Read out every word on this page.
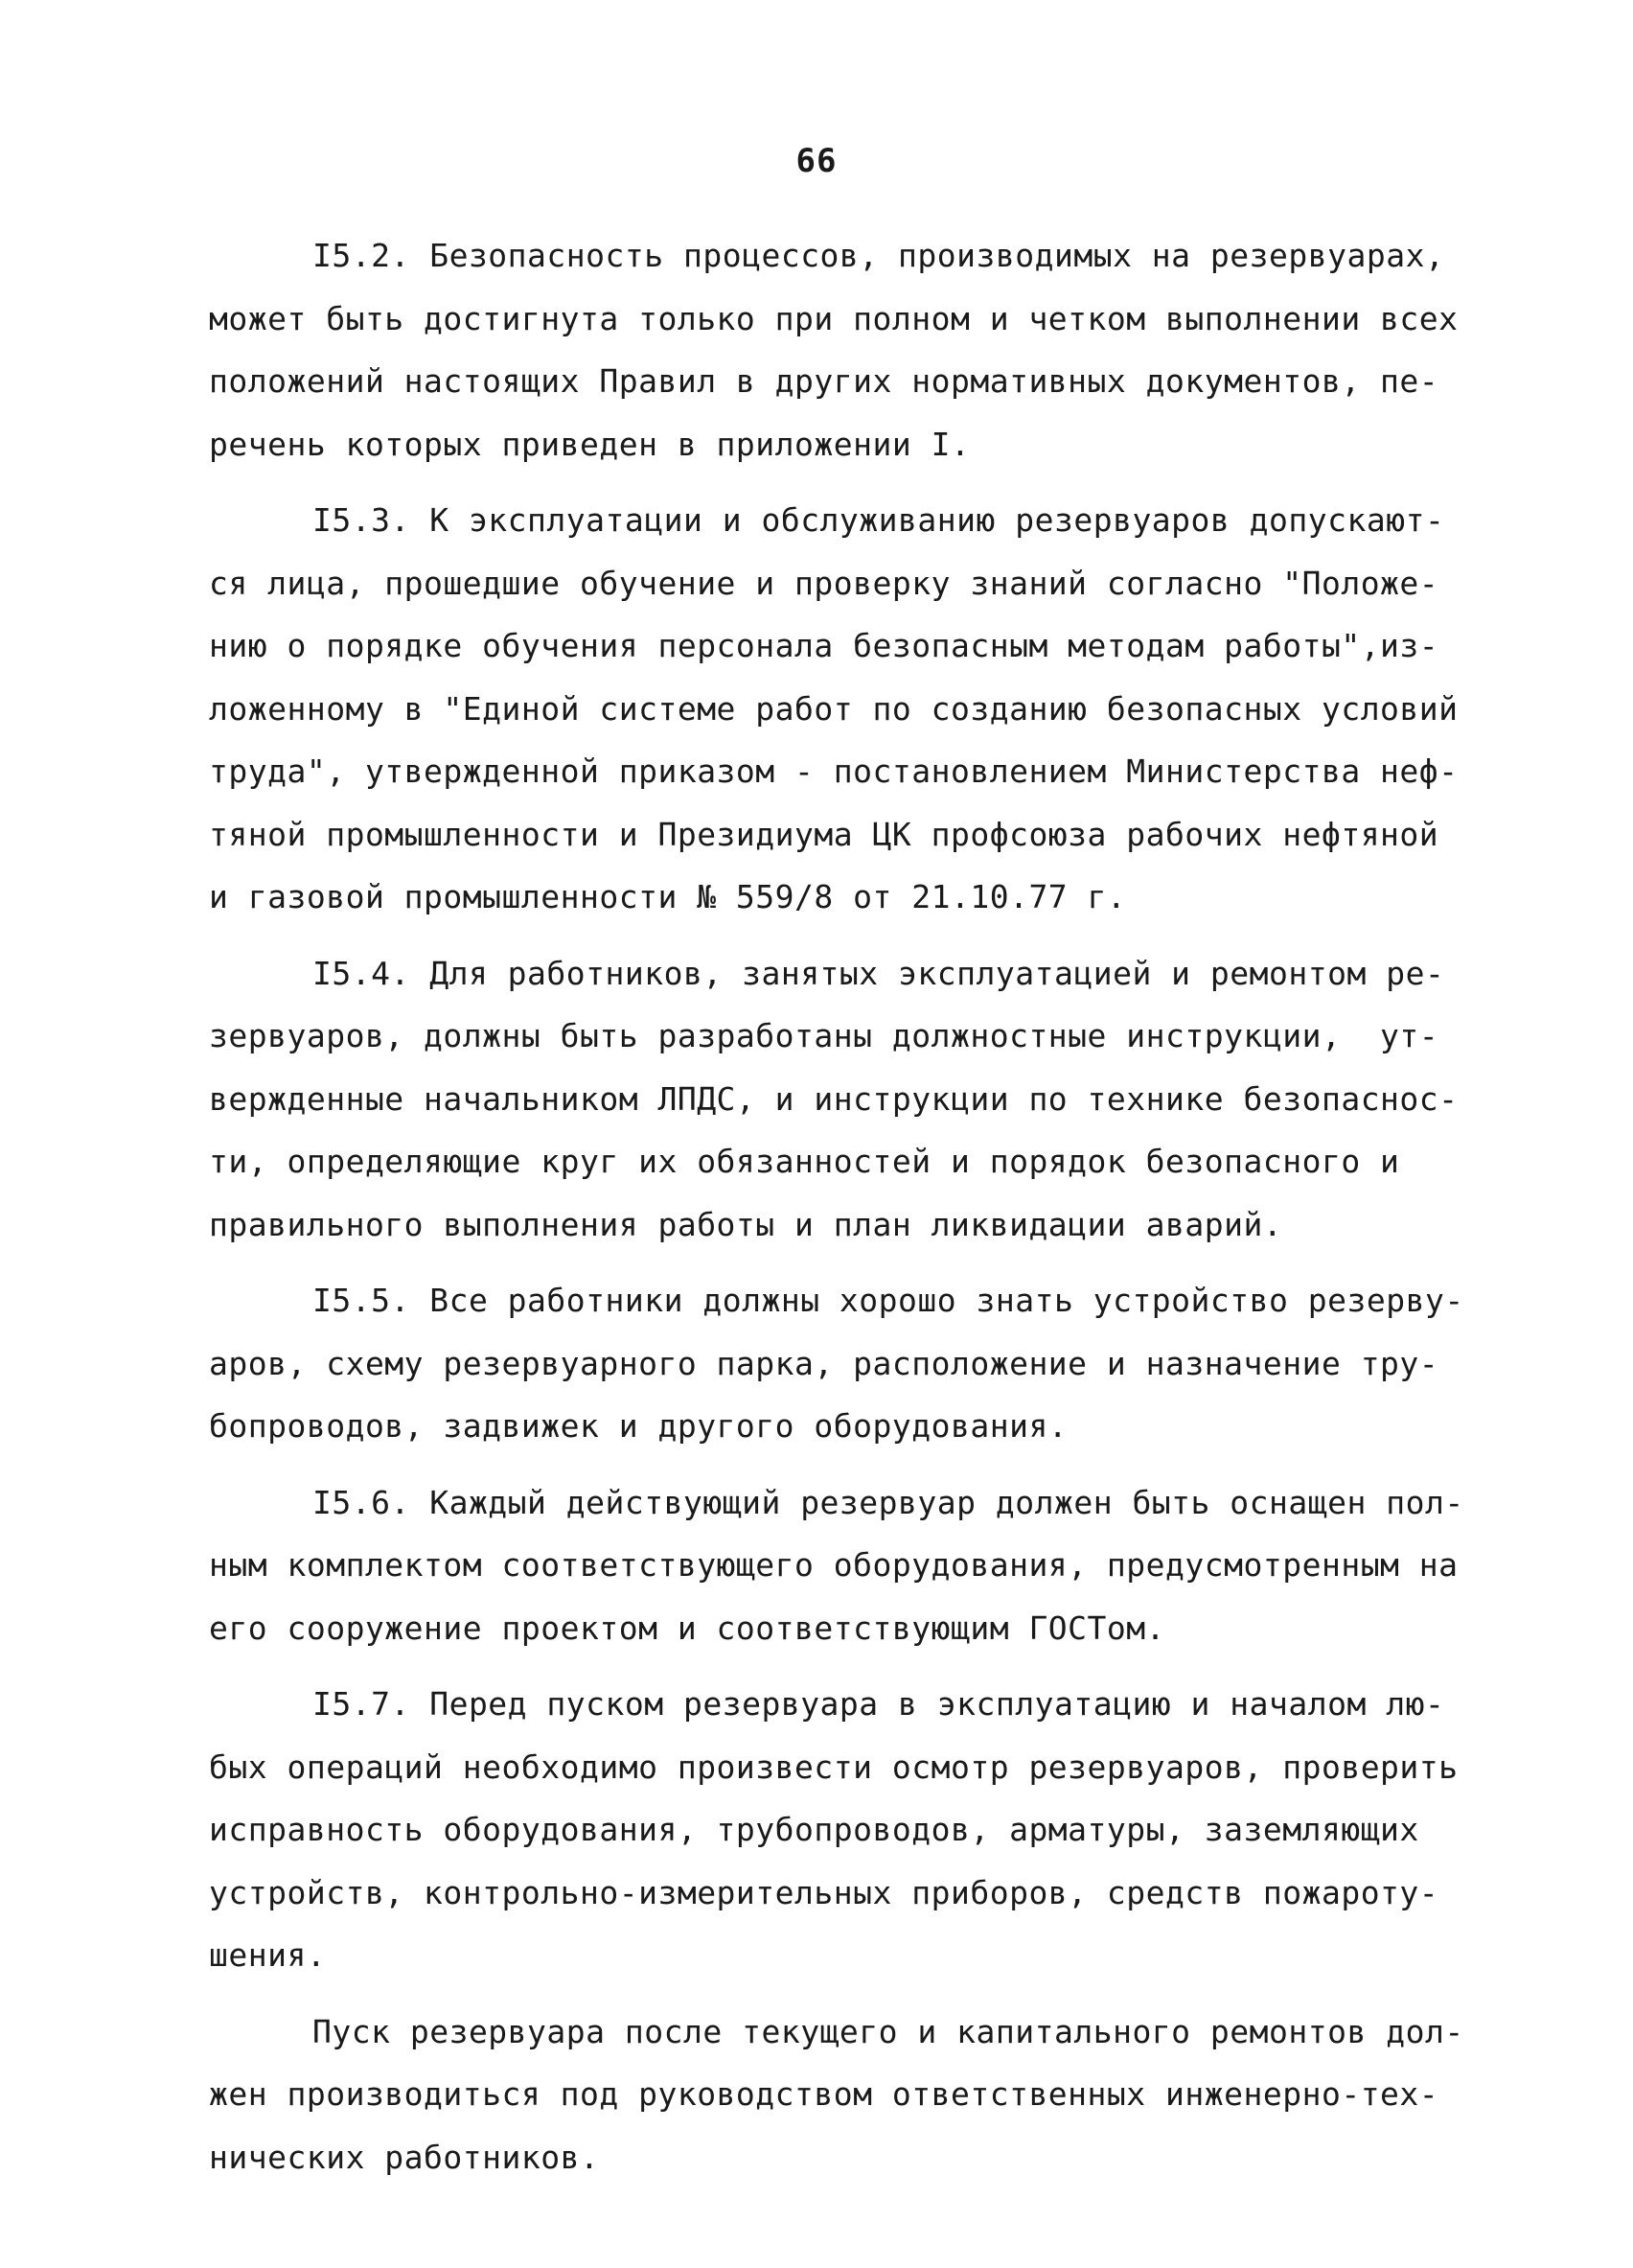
66
I5.2. Безопасность процессов, производимых на резервуарах,
может быть достигнута только при полном и четком выполнении всех
положений настоящих Правил в других нормативных документов, пе-
речень которых приведен в приложении I.
I5.3. К эксплуатации и обслуживанию резервуаров допускают-
ся лица, прошедшие обучение и проверку знаний согласно "Положе-
нию о порядке обучения персонала безопасным методам работы",из-
ложенному в "Единой системе работ по созданию безопасных условий
труда", утвержденной приказом - постановлением Министерства неф-
тяной промышленности и Президиума ЦК профсоюза рабочих нефтяной
и газовой промышленности № 559/8 от 21.10.77 г.
I5.4. Для работников, занятых эксплуатацией и ремонтом ре-
зервуаров, должны быть разработаны должностные инструкции,  ут-
вержденные начальником ЛПДС, и инструкции по технике безопаснос-
ти, определяющие круг их обязанностей и порядок безопасного и
правильного выполнения работы и план ликвидации аварий.
I5.5. Все работники должны хорошо знать устройство резерву-
аров, схему резервуарного парка, расположение и назначение тру-
бопроводов, задвижек и другого оборудования.
I5.6. Каждый действующий резервуар должен быть оснащен пол-
ным комплектом соответствующего оборудования, предусмотренным на
его сооружение проектом и соответствующим ГОСТом.
I5.7. Перед пуском резервуара в эксплуатацию и началом лю-
бых операций необходимо произвести осмотр резервуаров, проверить
исправность оборудования, трубопроводов, арматуры, заземляющих
устройств, контрольно-измерительных приборов, средств пожароту-
шения.
Пуск резервуара после текущего и капитального ремонтов дол-
жен производиться под руководством ответственных инженерно-тех-
нических работников.
